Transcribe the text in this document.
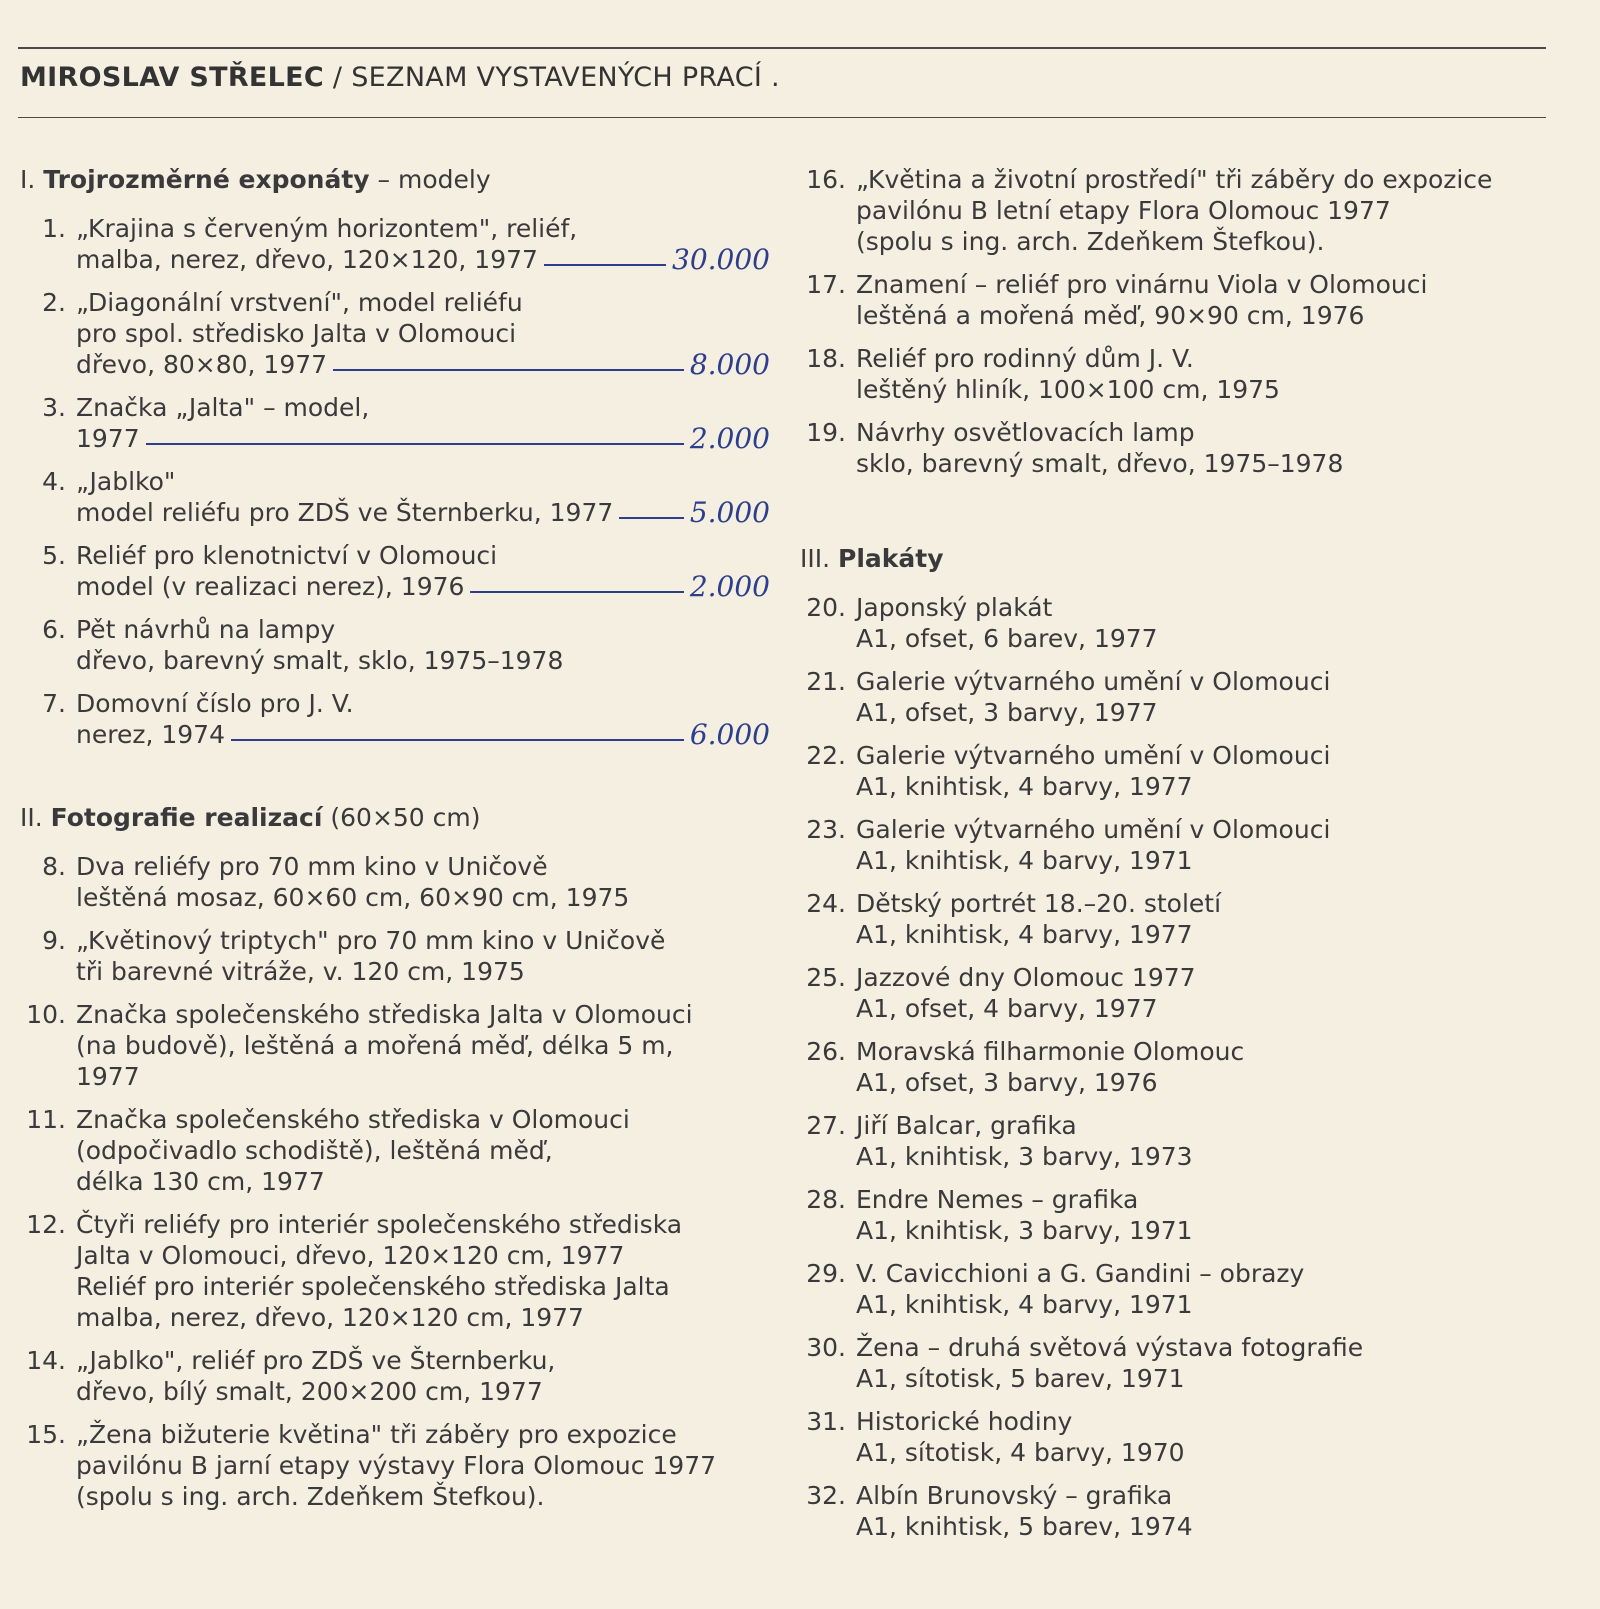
MIROSLAV STŘELEC / SEZNAM VYSTAVENÝCH PRACÍ .
I. Trojrozměrné exponáty – modely
1. „Krajina s červeným horizontem", reliéf,
malba, nerez, dřevo, 120×120, 1977	30.000
2. „Diagonální vrstvení", model reliéfu
pro spol. středisko Jalta v Olomouci
dřevo, 80×80, 1977	8.000
3. Značka „Jalta" – model,
1977	2.000
4. „Jablko"
model reliéfu pro ZDŠ ve Šternberku, 1977	5.000
5. Reliéf pro klenotnictví v Olomouci
model (v realizaci nerez), 1976	2.000
6. Pět návrhů na lampy
dřevo, barevný smalt, sklo, 1975–1978
7. Domovní číslo pro J. V.
nerez, 1974	6.000
II. Fotografie realizací (60×50 cm)
8. Dva reliéfy pro 70 mm kino v Uničově
leštěná mosaz, 60×60 cm, 60×90 cm, 1975
9. „Květinový triptych" pro 70 mm kino v Uničově
tři barevné vitráže, v. 120 cm, 1975
10. Značka společenského střediska Jalta v Olomouci
(na budově), leštěná a mořená měď, délka 5 m,
1977
11. Značka společenského střediska v Olomouci
(odpočivadlo schodiště), leštěná měď,
délka 130 cm, 1977
12. Čtyři reliéfy pro interiér společenského střediska
Jalta v Olomouci, dřevo, 120×120 cm, 1977
Reliéf pro interiér společenského střediska Jalta
malba, nerez, dřevo, 120×120 cm, 1977
14. „Jablko", reliéf pro ZDŠ ve Šternberku,
dřevo, bílý smalt, 200×200 cm, 1977
15. „Žena bižuterie květina" tři záběry pro expozice
pavilónu B jarní etapy výstavy Flora Olomouc 1977
(spolu s ing. arch. Zdeňkem Štefkou).
16. „Květina a životní prostředí" tři záběry do expozice
pavilónu B letní etapy Flora Olomouc 1977
(spolu s ing. arch. Zdeňkem Štefkou).
17. Znamení – reliéf pro vinárnu Viola v Olomouci
leštěná a mořená měď, 90×90 cm, 1976
18. Reliéf pro rodinný dům J. V.
leštěný hliník, 100×100 cm, 1975
19. Návrhy osvětlovacích lamp
sklo, barevný smalt, dřevo, 1975–1978
III. Plakáty
20. Japonský plakát
A1, ofset, 6 barev, 1977
21. Galerie výtvarného umění v Olomouci
A1, ofset, 3 barvy, 1977
22. Galerie výtvarného umění v Olomouci
A1, knihtisk, 4 barvy, 1977
23. Galerie výtvarného umění v Olomouci
A1, knihtisk, 4 barvy, 1971
24. Dětský portrét 18.–20. století
A1, knihtisk, 4 barvy, 1977
25. Jazzové dny Olomouc 1977
A1, ofset, 4 barvy, 1977
26. Moravská filharmonie Olomouc
A1, ofset, 3 barvy, 1976
27. Jiří Balcar, grafika
A1, knihtisk, 3 barvy, 1973
28. Endre Nemes – grafika
A1, knihtisk, 3 barvy, 1971
29. V. Cavicchioni a G. Gandini – obrazy
A1, knihtisk, 4 barvy, 1971
30. Žena – druhá světová výstava fotografie
A1, sítotisk, 5 barev, 1971
31. Historické hodiny
A1, sítotisk, 4 barvy, 1970
32. Albín Brunovský – grafika
A1, knihtisk, 5 barev, 1974
